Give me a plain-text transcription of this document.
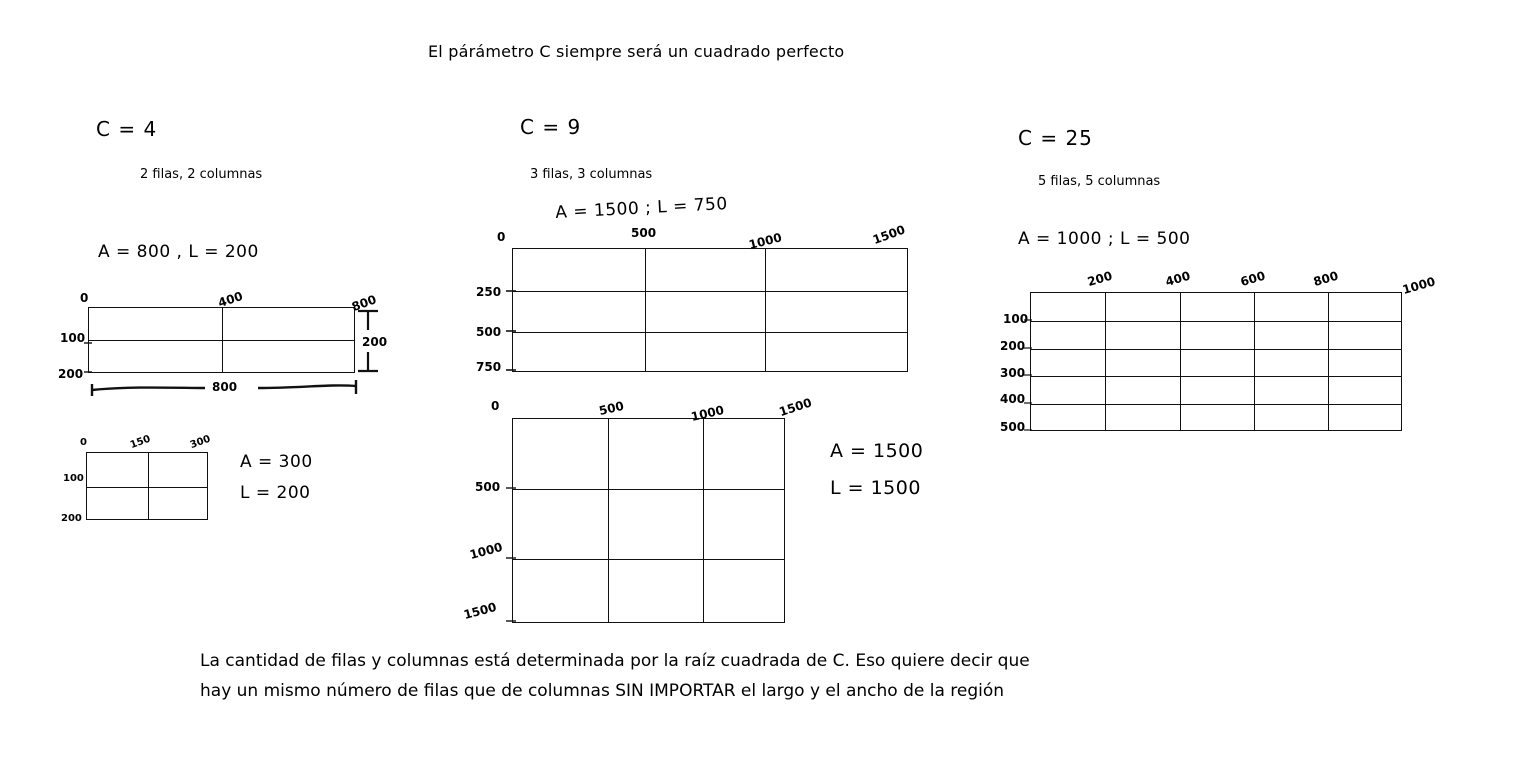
El párámetro C siempre será un cuadrado perfecto
C = 4
2 filas, 2 columnas
A = 800 , L = 200
0	400	800
100
200
200
800
0	150	300
100
200
A = 300
L = 200
C = 9
3 filas, 3 columnas
A = 1500 ; L = 750
0	500	1000	1500
250
500
750
0	500	1000	1500
500
1000
1500
A = 1500
L = 1500
C = 25
5 filas, 5 columnas
A = 1000 ; L = 500
200	400	600	800	1000
100
200
300
400
500
La cantidad de filas y columnas está determinada por la raíz cuadrada de C. Eso quiere decir que
hay un mismo número de filas que de columnas SIN IMPORTAR el largo y el ancho de la región
